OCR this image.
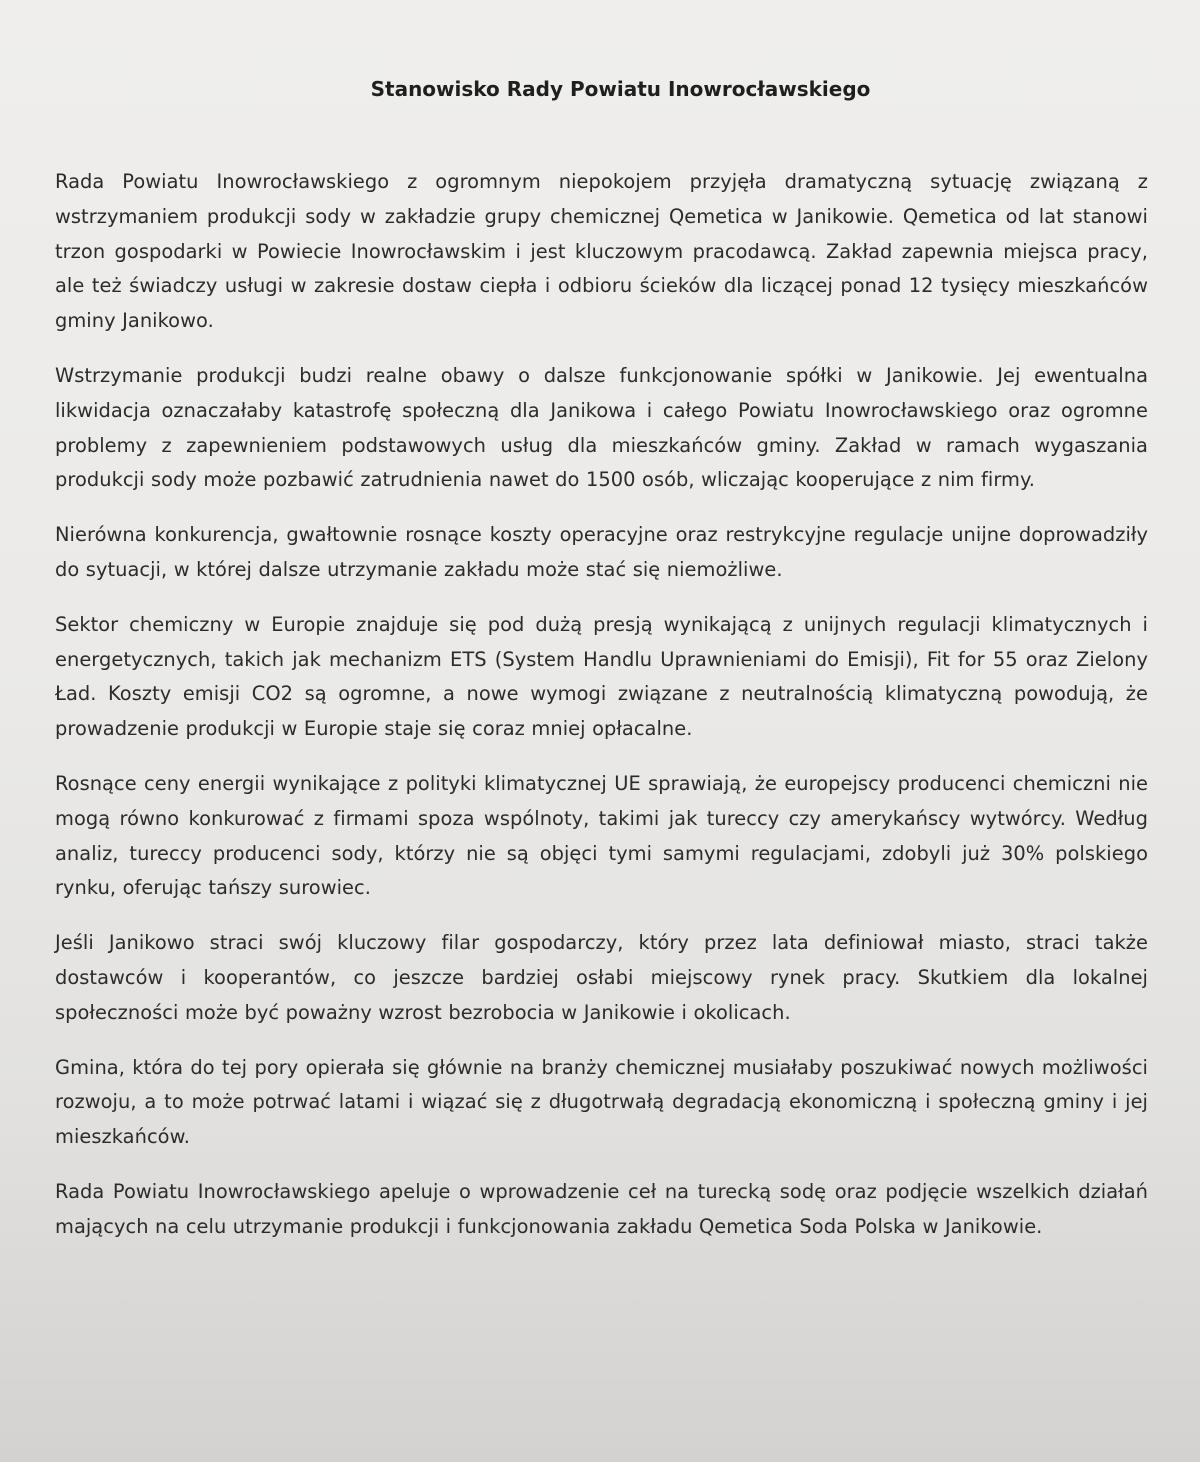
Stanowisko Rady Powiatu Inowrocławskiego

Rada Powiatu Inowrocławskiego z ogromnym niepokojem przyjęła dramatyczną sytuację związaną z wstrzymaniem produkcji sody w zakładzie grupy chemicznej Qemetica w Janikowie. Qemetica od lat stanowi trzon gospodarki w Powiecie Inowrocławskim i jest kluczowym pracodawcą. Zakład zapewnia miejsca pracy, ale też świadczy usługi w zakresie dostaw ciepła i odbioru ścieków dla liczącej ponad 12 tysięcy mieszkańców gminy Janikowo.

Wstrzymanie produkcji budzi realne obawy o dalsze funkcjonowanie spółki w Janikowie. Jej ewentualna likwidacja oznaczałaby katastrofę społeczną dla Janikowa i całego Powiatu Inowrocławskiego oraz ogromne problemy z zapewnieniem podstawowych usług dla mieszkańców gminy. Zakład w ramach wygaszania produkcji sody może pozbawić zatrudnienia nawet do 1500 osób, wliczając kooperujące z nim firmy.

Nierówna konkurencja, gwałtownie rosnące koszty operacyjne oraz restrykcyjne regulacje unijne doprowadziły do sytuacji, w której dalsze utrzymanie zakładu może stać się niemożliwe.

Sektor chemiczny w Europie znajduje się pod dużą presją wynikającą z unijnych regulacji klimatycznych i energetycznych, takich jak mechanizm ETS (System Handlu Uprawnieniami do Emisji), Fit for 55 oraz Zielony Ład. Koszty emisji CO2 są ogromne, a nowe wymogi związane z neutralnością klimatyczną powodują, że prowadzenie produkcji w Europie staje się coraz mniej opłacalne.

Rosnące ceny energii wynikające z polityki klimatycznej UE sprawiają, że europejscy producenci chemiczni nie mogą równo konkurować z firmami spoza wspólnoty, takimi jak tureccy czy amerykańscy wytwórcy. Według analiz, tureccy producenci sody, którzy nie są objęci tymi samymi regulacjami, zdobyli już 30% polskiego rynku, oferując tańszy surowiec.

Jeśli Janikowo straci swój kluczowy filar gospodarczy, który przez lata definiował miasto, straci także dostawców i kooperantów, co jeszcze bardziej osłabi miejscowy rynek pracy. Skutkiem dla lokalnej społeczności może być poważny wzrost bezrobocia w Janikowie i okolicach.

Gmina, która do tej pory opierała się głównie na branży chemicznej musiałaby poszukiwać nowych możliwości rozwoju, a to może potrwać latami i wiązać się z długotrwałą degradacją ekonomiczną i społeczną gminy i jej mieszkańców.

Rada Powiatu Inowrocławskiego apeluje o wprowadzenie ceł na turecką sodę oraz podjęcie wszelkich działań mających na celu utrzymanie produkcji i funkcjonowania zakładu Qemetica Soda Polska w Janikowie.
